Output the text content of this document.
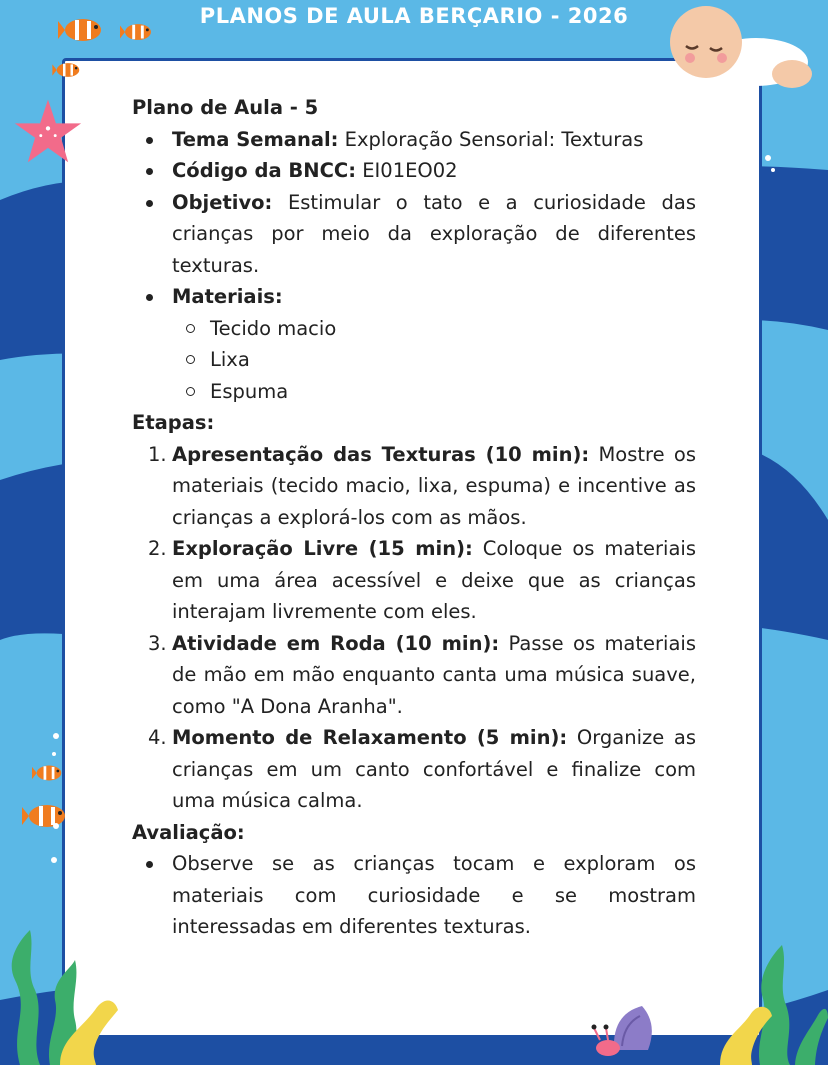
PLANOS DE AULA BERÇARIO - 2026

Plano de Aula - 5

Tema Semanal: Exploração Sensorial: Texturas
Código da BNCC: EI01EO02
Objetivo: Estimular o tato e a curiosidade das crianças por meio da exploração de diferentes texturas.
Materiais:
Tecido macio
Lixa
Espuma

Etapas:

1. Apresentação das Texturas (10 min): Mostre os materiais (tecido macio, lixa, espuma) e incentive as crianças a explorá-los com as mãos.
2. Exploração Livre (15 min): Coloque os materiais em uma área acessível e deixe que as crianças interajam livremente com eles.
3. Atividade em Roda (10 min): Passe os materiais de mão em mão enquanto canta uma música suave, como "A Dona Aranha".
4. Momento de Relaxamento (5 min): Organize as crianças em um canto confortável e finalize com uma música calma.

Avaliação:

Observe se as crianças tocam e exploram os materiais com curiosidade e se mostram interessadas em diferentes texturas.
